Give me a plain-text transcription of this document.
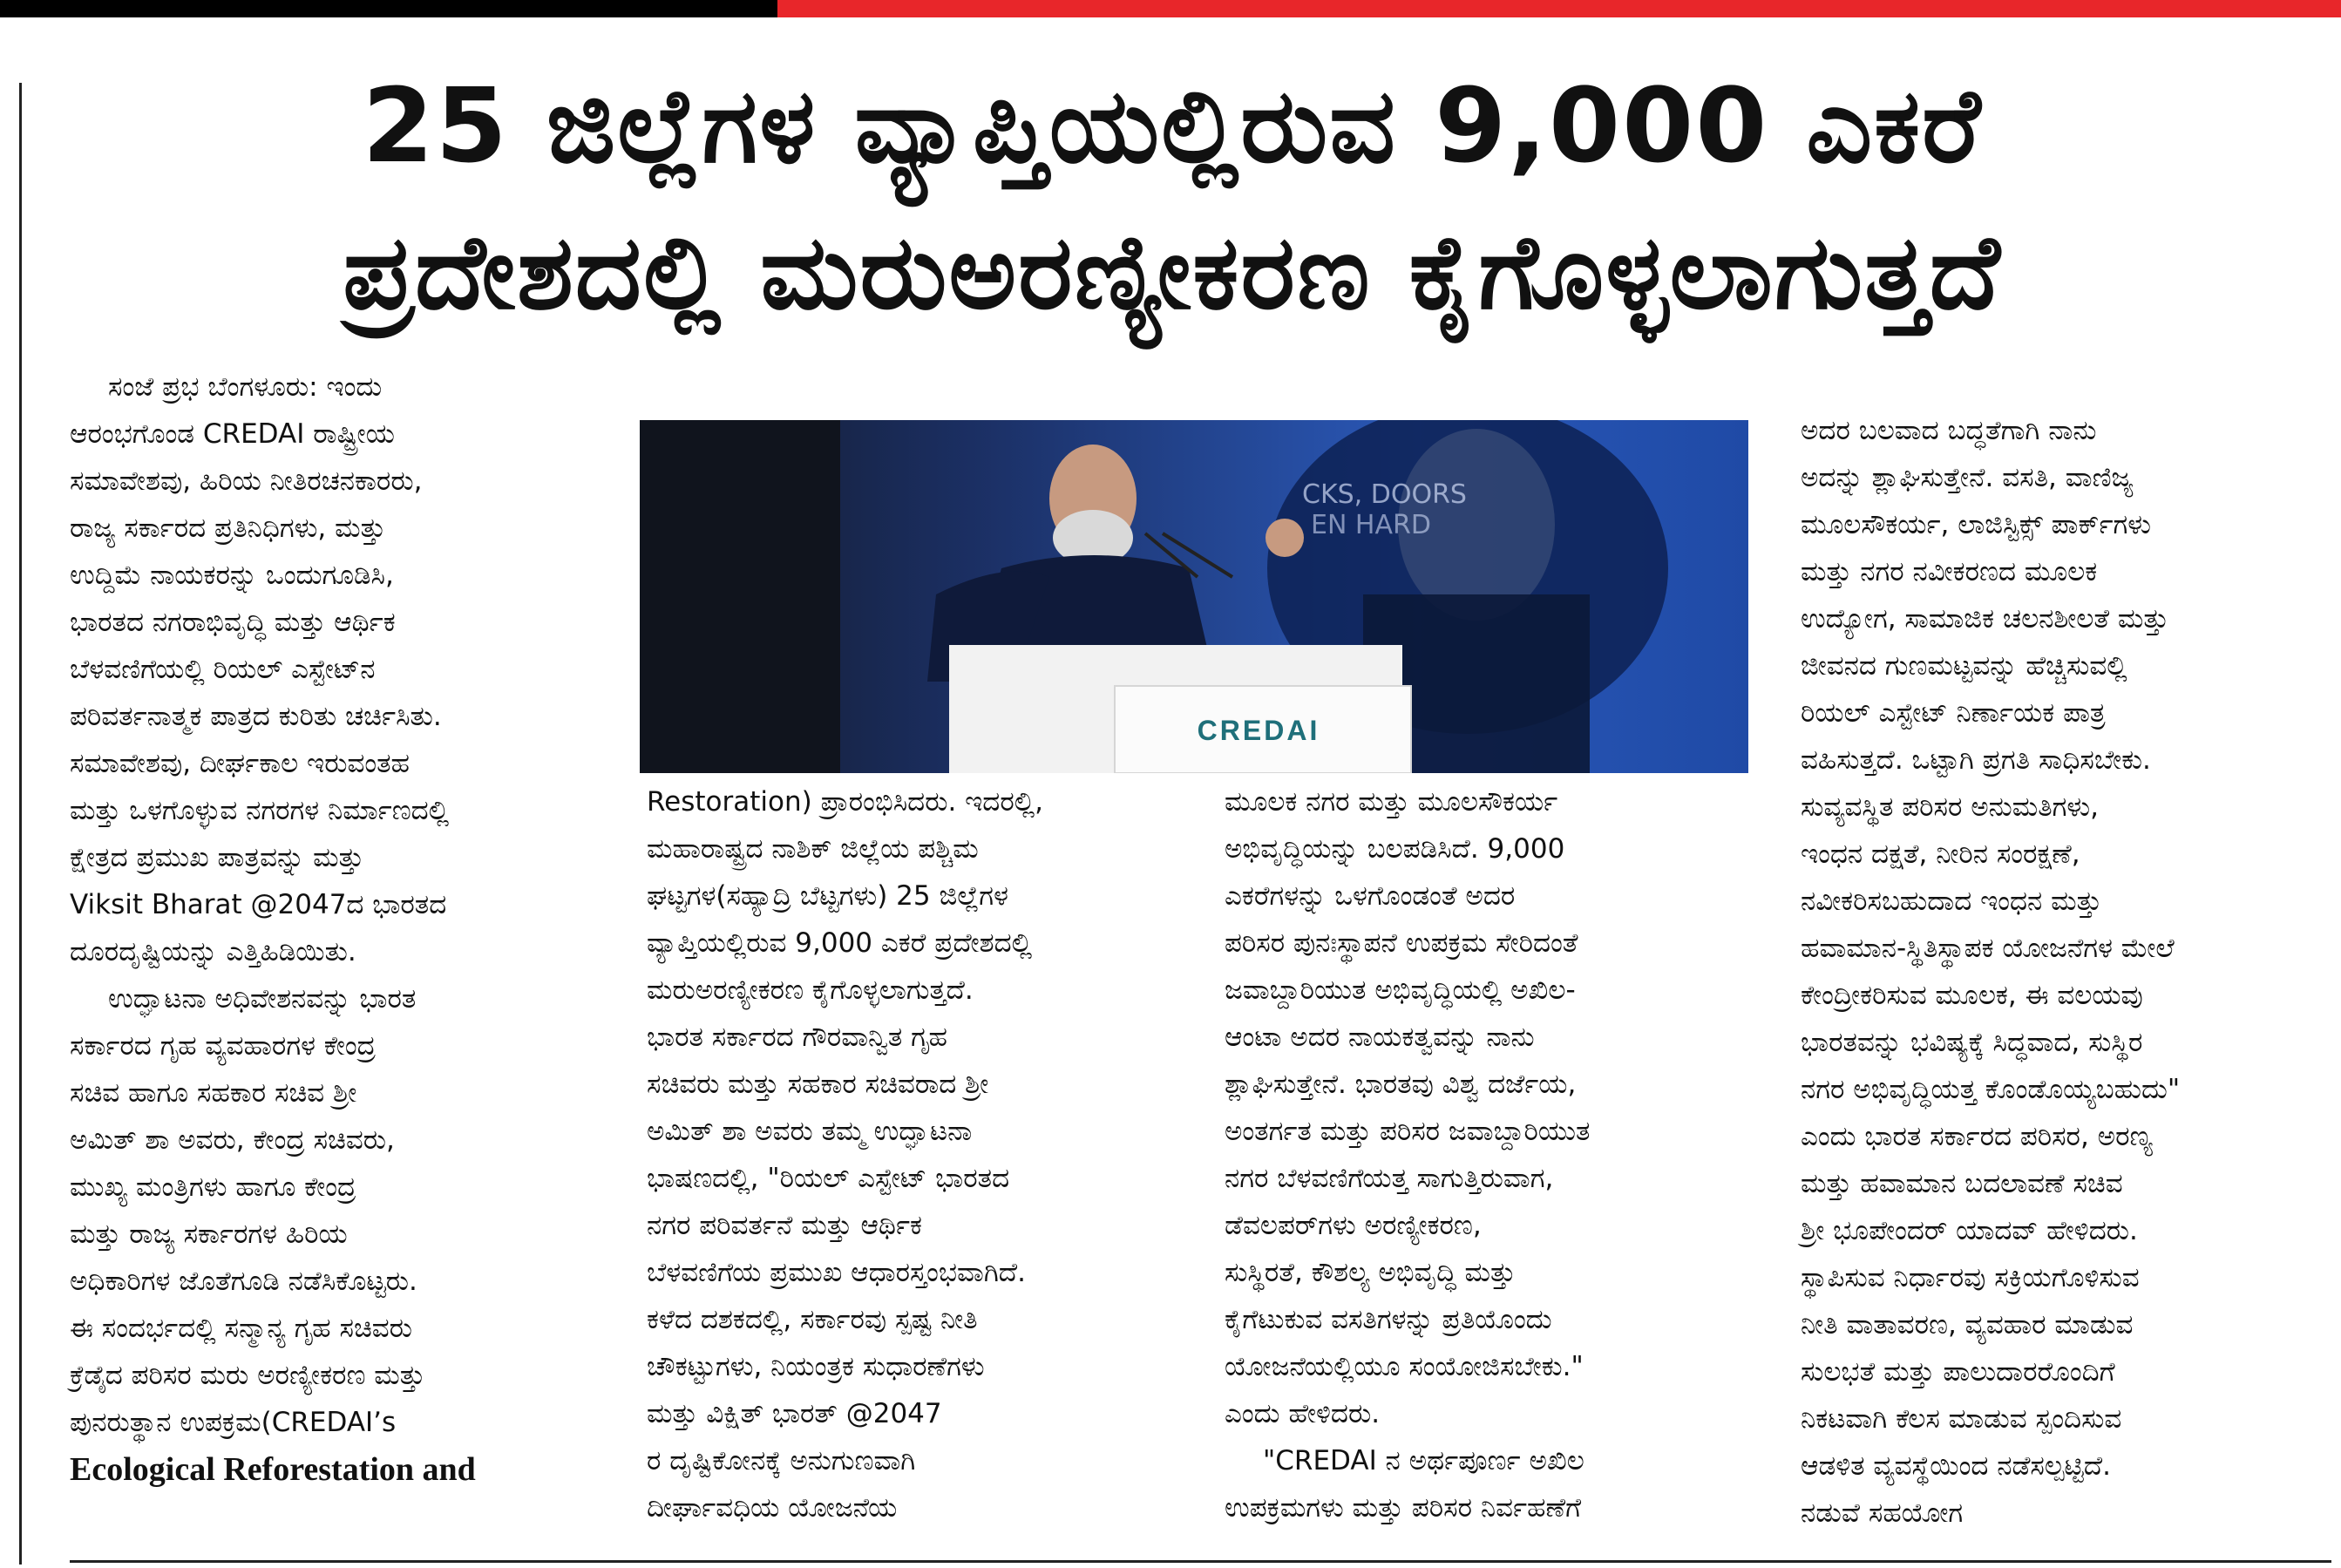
25 ಜಿಲ್ಲೆಗಳ ವ್ಯಾಪ್ತಿಯಲ್ಲಿರುವ 9,000 ಎಕರೆ
ಪ್ರದೇಶದಲ್ಲಿ ಮರುಅರಣ್ಯೀಕರಣ ಕೈಗೊಳ್ಳಲಾಗುತ್ತದೆ
ಸಂಜೆ ಪ್ರಭ ಬೆಂಗಳೂರು: ಇಂದು
ಆರಂಭಗೊಂಡ CREDAI ರಾಷ್ಟ್ರೀಯ
ಸಮಾವೇಶವು, ಹಿರಿಯ ನೀತಿರಚನಕಾರರು,
ರಾಜ್ಯ ಸರ್ಕಾರದ ಪ್ರತಿನಿಧಿಗಳು, ಮತ್ತು
ಉದ್ದಿಮೆ ನಾಯಕರನ್ನು ಒಂದುಗೂಡಿಸಿ,
ಭಾರತದ ನಗರಾಭಿವೃದ್ಧಿ ಮತ್ತು ಆರ್ಥಿಕ
ಬೆಳವಣಿಗೆಯಲ್ಲಿ ರಿಯಲ್ ಎಸ್ಟೇಟ್‌ನ
ಪರಿವರ್ತನಾತ್ಮಕ ಪಾತ್ರದ ಕುರಿತು ಚರ್ಚಿಸಿತು.
ಸಮಾವೇಶವು, ದೀರ್ಘಕಾಲ ಇರುವಂತಹ
ಮತ್ತು ಒಳಗೊಳ್ಳುವ ನಗರಗಳ ನಿರ್ಮಾಣದಲ್ಲಿ
ಕ್ಷೇತ್ರದ ಪ್ರಮುಖ ಪಾತ್ರವನ್ನು ಮತ್ತು
Viksit Bharat @2047ದ ಭಾರತದ
ದೂರದೃಷ್ಟಿಯನ್ನು ಎತ್ತಿಹಿಡಿಯಿತು.
ಉದ್ಘಾಟನಾ ಅಧಿವೇಶನವನ್ನು ಭಾರತ
ಸರ್ಕಾರದ ಗೃಹ ವ್ಯವಹಾರಗಳ ಕೇಂದ್ರ
ಸಚಿವ ಹಾಗೂ ಸಹಕಾರ ಸಚಿವ ಶ್ರೀ
ಅಮಿತ್ ಶಾ ಅವರು, ಕೇಂದ್ರ ಸಚಿವರು,
ಮುಖ್ಯ ಮಂತ್ರಿಗಳು ಹಾಗೂ ಕೇಂದ್ರ
ಮತ್ತು ರಾಜ್ಯ ಸರ್ಕಾರಗಳ ಹಿರಿಯ
ಅಧಿಕಾರಿಗಳ ಜೊತೆಗೂಡಿ ನಡೆಸಿಕೊಟ್ಟರು.
ಈ ಸಂದರ್ಭದಲ್ಲಿ ಸನ್ಮಾನ್ಯ ಗೃಹ ಸಚಿವರು
ಕ್ರೆಡೈದ ಪರಿಸರ ಮರು ಅರಣ್ಯೀಕರಣ ಮತ್ತು
ಪುನರುತ್ಥಾನ ಉಪಕ್ರಮ(CREDAI’s
Ecological Reforestation and
CKS, DOORS
EN HARD
CREDAI
Restoration) ಪ್ರಾರಂಭಿಸಿದರು. ಇದರಲ್ಲಿ,
ಮಹಾರಾಷ್ಟ್ರದ ನಾಶಿಕ್ ಜಿಲ್ಲೆಯ ಪಶ್ಚಿಮ
ಘಟ್ಟಗಳ(ಸಹ್ಯಾದ್ರಿ ಬೆಟ್ಟಗಳು) 25 ಜಿಲ್ಲೆಗಳ
ವ್ಯಾಪ್ತಿಯಲ್ಲಿರುವ 9,000 ಎಕರೆ ಪ್ರದೇಶದಲ್ಲಿ
ಮರುಅರಣ್ಯೀಕರಣ ಕೈಗೊಳ್ಳಲಾಗುತ್ತದೆ.
ಭಾರತ ಸರ್ಕಾರದ ಗೌರವಾನ್ವಿತ ಗೃಹ
ಸಚಿವರು ಮತ್ತು ಸಹಕಾರ ಸಚಿವರಾದ ಶ್ರೀ
ಅಮಿತ್ ಶಾ ಅವರು ತಮ್ಮ ಉದ್ಘಾಟನಾ
ಭಾಷಣದಲ್ಲಿ, "ರಿಯಲ್ ಎಸ್ಟೇಟ್ ಭಾರತದ
ನಗರ ಪರಿವರ್ತನೆ ಮತ್ತು ಆರ್ಥಿಕ
ಬೆಳವಣಿಗೆಯ ಪ್ರಮುಖ ಆಧಾರಸ್ತಂಭವಾಗಿದೆ.
ಕಳೆದ ದಶಕದಲ್ಲಿ, ಸರ್ಕಾರವು ಸ್ಪಷ್ಟ ನೀತಿ
ಚೌಕಟ್ಟುಗಳು, ನಿಯಂತ್ರಕ ಸುಧಾರಣೆಗಳು
ಮತ್ತು ವಿಕ್ಷಿತ್ ಭಾರತ್ @2047
ರ ದೃಷ್ಟಿಕೋನಕ್ಕೆ ಅನುಗುಣವಾಗಿ
ದೀರ್ಘಾವಧಿಯ ಯೋಜನೆಯ
ಮೂಲಕ ನಗರ ಮತ್ತು ಮೂಲಸೌಕರ್ಯ
ಅಭಿವೃದ್ಧಿಯನ್ನು ಬಲಪಡಿಸಿದೆ. 9,000
ಎಕರೆಗಳನ್ನು ಒಳಗೊಂಡಂತೆ ಅದರ
ಪರಿಸರ ಪುನಃಸ್ಥಾಪನೆ ಉಪಕ್ರಮ ಸೇರಿದಂತೆ
ಜವಾಬ್ದಾರಿಯುತ ಅಭಿವೃದ್ಧಿಯಲ್ಲಿ ಅಖಿಲ-
ಆಂಟಾ ಅದರ ನಾಯಕತ್ವವನ್ನು ನಾನು
ಶ್ಲಾಘಿಸುತ್ತೇನೆ. ಭಾರತವು ವಿಶ್ವ ದರ್ಜೆಯ,
ಅಂತರ್ಗತ ಮತ್ತು ಪರಿಸರ ಜವಾಬ್ದಾರಿಯುತ
ನಗರ ಬೆಳವಣಿಗೆಯತ್ತ ಸಾಗುತ್ತಿರುವಾಗ,
ಡೆವಲಪರ್‌ಗಳು ಅರಣ್ಯೀಕರಣ,
ಸುಸ್ಥಿರತೆ, ಕೌಶಲ್ಯ ಅಭಿವೃದ್ಧಿ ಮತ್ತು
ಕೈಗೆಟುಕುವ ವಸತಿಗಳನ್ನು ಪ್ರತಿಯೊಂದು
ಯೋಜನೆಯಲ್ಲಿಯೂ ಸಂಯೋಜಿಸಬೇಕು."
ಎಂದು ಹೇಳಿದರು.
"CREDAI ನ ಅರ್ಥಪೂರ್ಣ ಅಖಿಲ
ಉಪಕ್ರಮಗಳು ಮತ್ತು ಪರಿಸರ ನಿರ್ವಹಣೆಗೆ
ಅದರ ಬಲವಾದ ಬದ್ಧತೆಗಾಗಿ ನಾನು
ಅದನ್ನು ಶ್ಲಾಘಿಸುತ್ತೇನೆ. ವಸತಿ, ವಾಣಿಜ್ಯ
ಮೂಲಸೌಕರ್ಯ, ಲಾಜಿಸ್ಟಿಕ್ಸ್ ಪಾರ್ಕ್‌ಗಳು
ಮತ್ತು ನಗರ ನವೀಕರಣದ ಮೂಲಕ
ಉದ್ಯೋಗ, ಸಾಮಾಜಿಕ ಚಲನಶೀಲತೆ ಮತ್ತು
ಜೀವನದ ಗುಣಮಟ್ಟವನ್ನು ಹೆಚ್ಚಿಸುವಲ್ಲಿ
ರಿಯಲ್ ಎಸ್ಟೇಟ್ ನಿರ್ಣಾಯಕ ಪಾತ್ರ
ವಹಿಸುತ್ತದೆ. ಒಟ್ಟಾಗಿ ಪ್ರಗತಿ ಸಾಧಿಸಬೇಕು.
ಸುವ್ಯವಸ್ಥಿತ ಪರಿಸರ ಅನುಮತಿಗಳು,
ಇಂಧನ ದಕ್ಷತೆ, ನೀರಿನ ಸಂರಕ್ಷಣೆ,
ನವೀಕರಿಸಬಹುದಾದ ಇಂಧನ ಮತ್ತು
ಹವಾಮಾನ-ಸ್ಥಿತಿಸ್ಥಾಪಕ ಯೋಜನೆಗಳ ಮೇಲೆ
ಕೇಂದ್ರೀಕರಿಸುವ ಮೂಲಕ, ಈ ವಲಯವು
ಭಾರತವನ್ನು ಭವಿಷ್ಯಕ್ಕೆ ಸಿದ್ಧವಾದ, ಸುಸ್ಥಿರ
ನಗರ ಅಭಿವೃದ್ಧಿಯತ್ತ ಕೊಂಡೊಯ್ಯಬಹುದು"
ಎಂದು ಭಾರತ ಸರ್ಕಾರದ ಪರಿಸರ, ಅರಣ್ಯ
ಮತ್ತು ಹವಾಮಾನ ಬದಲಾವಣೆ ಸಚಿವ
ಶ್ರೀ ಭೂಪೇಂದರ್ ಯಾದವ್ ಹೇಳಿದರು.
ಸ್ಥಾಪಿಸುವ ನಿರ್ಧಾರವು ಸಕ್ರಿಯಗೊಳಿಸುವ
ನೀತಿ ವಾತಾವರಣ, ವ್ಯವಹಾರ ಮಾಡುವ
ಸುಲಭತೆ ಮತ್ತು ಪಾಲುದಾರರೊಂದಿಗೆ
ನಿಕಟವಾಗಿ ಕೆಲಸ ಮಾಡುವ ಸ್ಪಂದಿಸುವ
ಆಡಳಿತ ವ್ಯವಸ್ಥೆಯಿಂದ ನಡೆಸಲ್ಪಟ್ಟಿದೆ.
ನಡುವೆ ಸಹಯೋಗ
